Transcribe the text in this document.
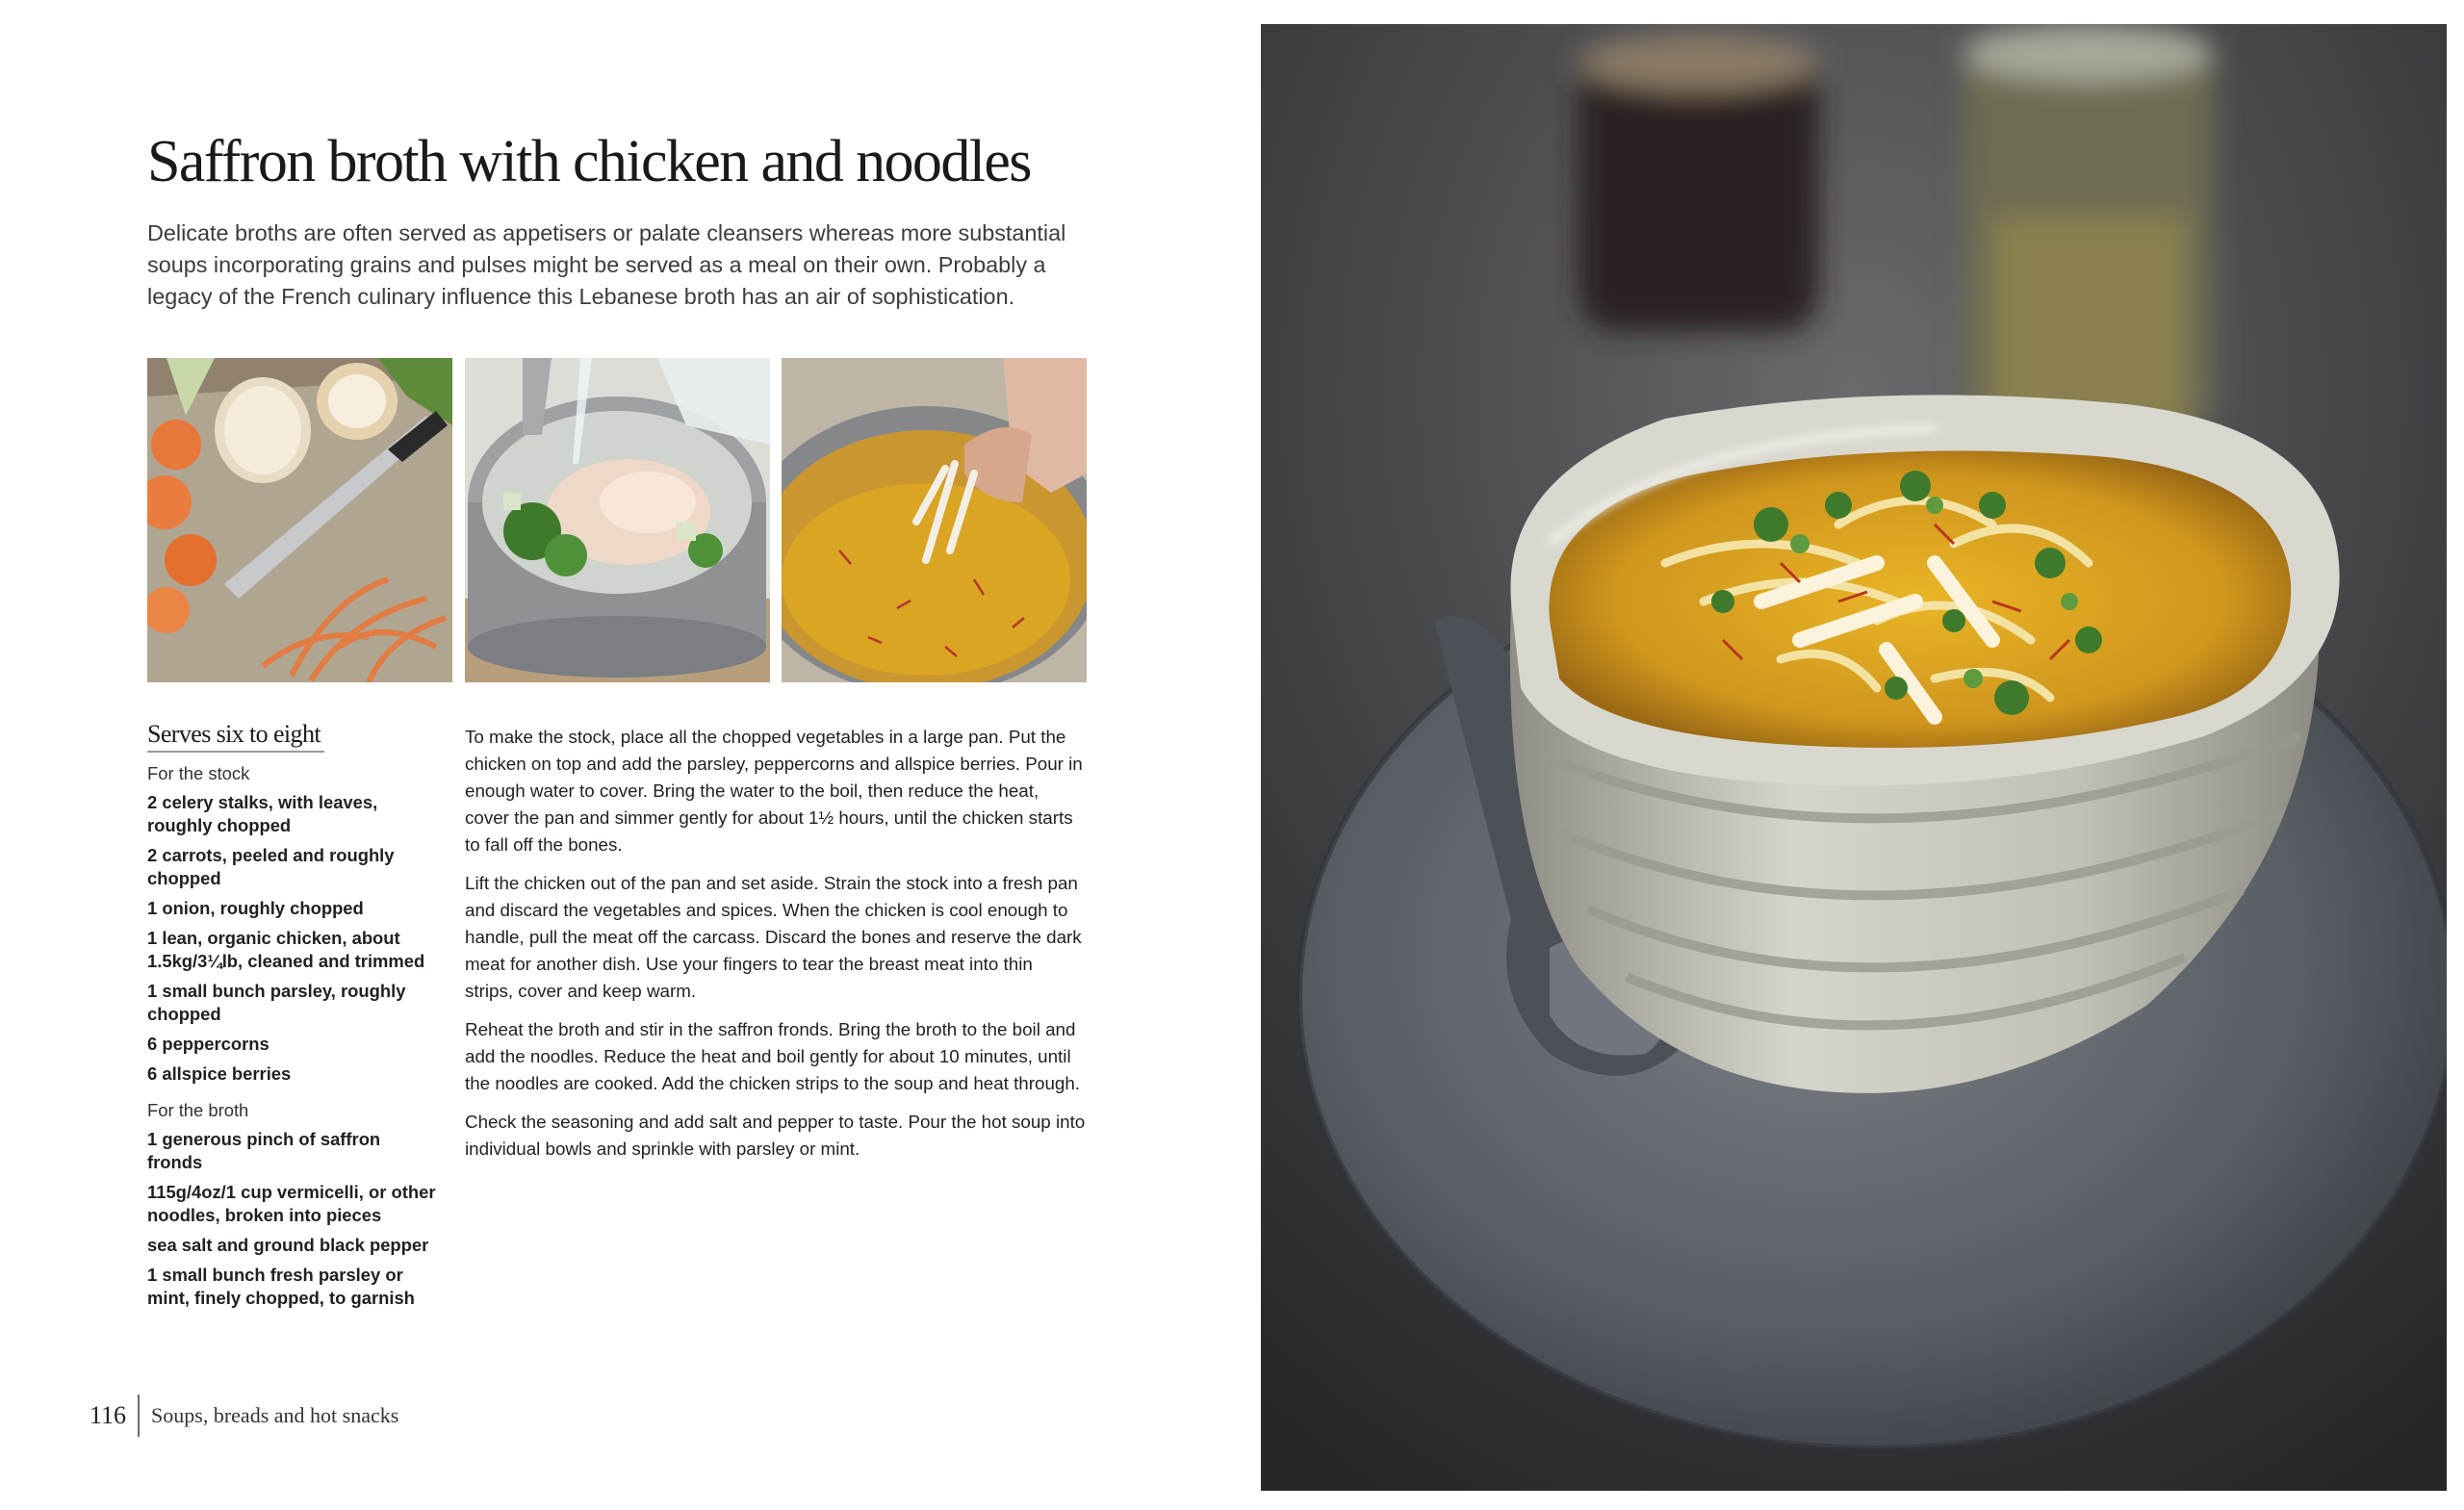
Saffron broth with chicken and noodles

Delicate broths are often served as appetisers or palate cleansers whereas more substantial soups incorporating grains and pulses might be served as a meal on their own. Probably a legacy of the French culinary influence this Lebanese broth has an air of sophistication.

Serves six to eight
For the stock
2 celery stalks, with leaves, roughly chopped
2 carrots, peeled and roughly chopped
1 onion, roughly chopped
1 lean, organic chicken, about 1.5kg/3¼lb, cleaned and trimmed
1 small bunch parsley, roughly chopped
6 peppercorns
6 allspice berries
For the broth
1 generous pinch of saffron fronds
115g/4oz/1 cup vermicelli, or other noodles, broken into pieces
sea salt and ground black pepper
1 small bunch fresh parsley or mint, finely chopped, to garnish

To make the stock, place all the chopped vegetables in a large pan. Put the chicken on top and add the parsley, peppercorns and allspice berries. Pour in enough water to cover. Bring the water to the boil, then reduce the heat, cover the pan and simmer gently for about 1½ hours, until the chicken starts to fall off the bones.

Lift the chicken out of the pan and set aside. Strain the stock into a fresh pan and discard the vegetables and spices. When the chicken is cool enough to handle, pull the meat off the carcass. Discard the bones and reserve the dark meat for another dish. Use your fingers to tear the breast meat into thin strips, cover and keep warm.

Reheat the broth and stir in the saffron fronds. Bring the broth to the boil and add the noodles. Reduce the heat and boil gently for about 10 minutes, until the noodles are cooked. Add the chicken strips to the soup and heat through.

Check the seasoning and add salt and pepper to taste. Pour the hot soup into individual bowls and sprinkle with parsley or mint.

116	Soups, breads and hot snacks
